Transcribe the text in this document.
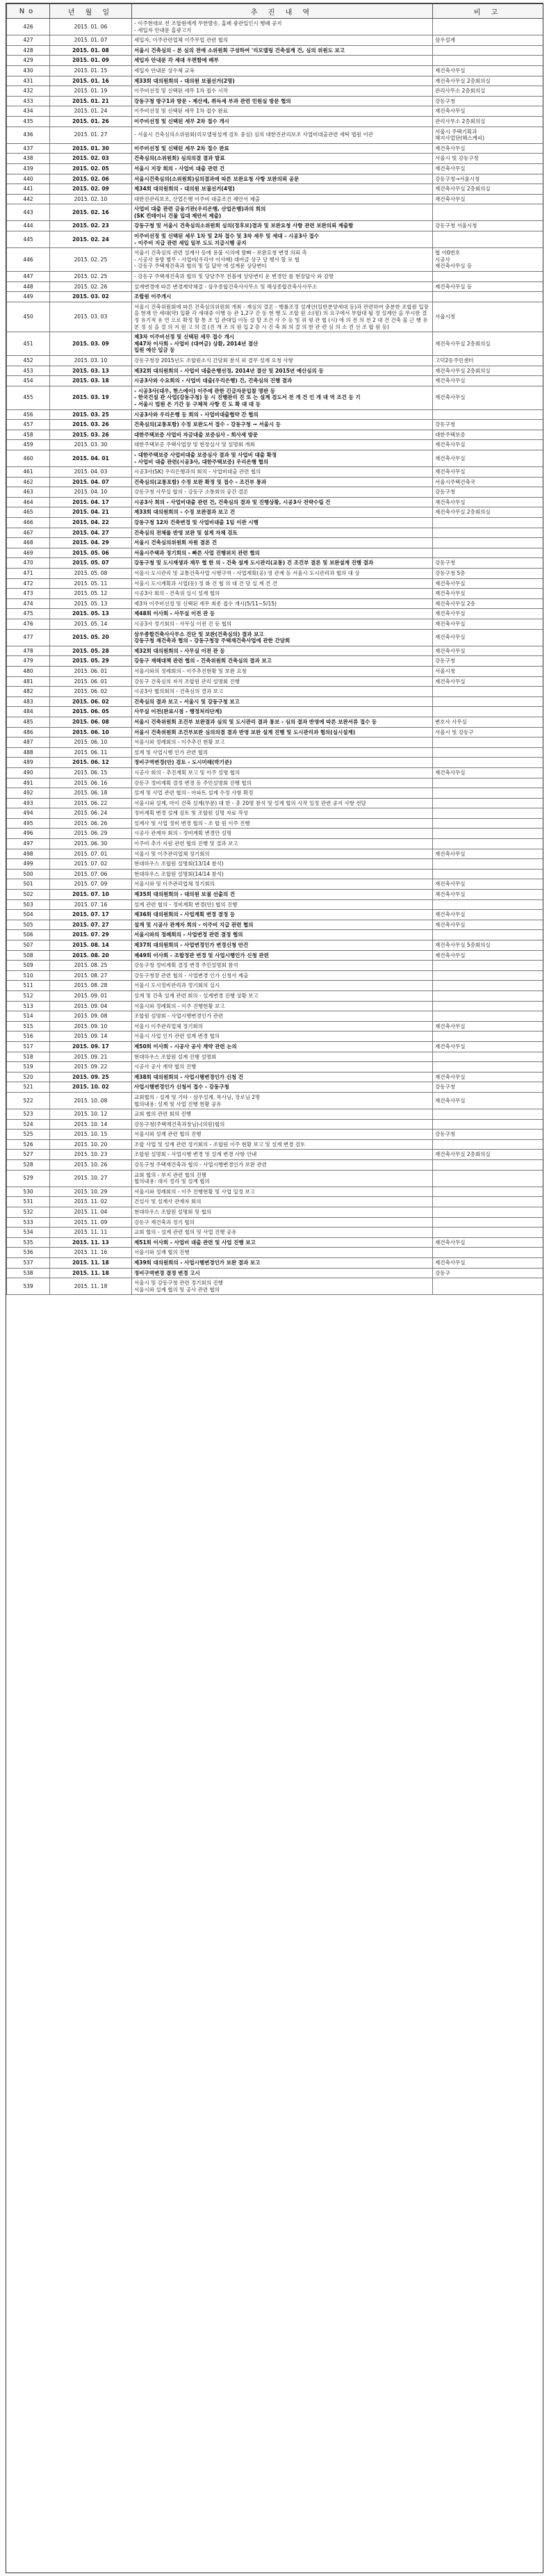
No	년 월 일	추 진 내 역	비 고
426	2015. 01. 06	- 이주현대로 전 조합원에게 무한발송, 홈페 광관입인시 행때 공지
- 세입자 안내문 홈광고지	
427	2015. 01. 07	세입자, 이주관련업체 이주무업 관련 협의	삼우설계
428	2015. 01. 08	서울시 건축심의 - 본 심의 전에 소위원회 구성하여 '리모델링 건축설계 건, 심의 위원도 보고	
429	2015. 01. 09	세입자 안내문 각 세대 우편함에 배부	
430	2015. 01. 15	세입자 안내문 상우체 교육	재건축사무실
431	2015. 01. 16	제33회 대의원회의 - 대의원 보궐선거(2명)	재건축사무실 2층회의실
432	2015. 01. 19	이주비선정 및 신택된 세무 1차 접수 시작	관리사무소 2층회의실
433	2015. 01. 21	강동구청 방구1과 방문 - 제산세, 취득세 부과 관련 민원실 방문 협의	강동구청
434	2015. 01. 24	이주비선정 및 신택된 세무 1차 접수 완료	재건축사무실
435	2015. 01. 26	이주비선정 및 신택된 세무 2차 접수 개시	관리사무소 2층회의실
436	2015. 01. 27	- 서울시 건축심의소위원회(리모델링설계 검토 중심) 심의 대한진관리보조 사업비대출관련 세탁 법원 이관	서울시 주택기획과
해지사업단(헤스캐피)
437	2015. 01. 30	이주비선정 및 신택된 세무 2차 접수 완료	재건축사무실
438	2015. 02. 03	건축심의(소위원회) 심의의결 결과 발표	서울시 및 강동구청
439	2015. 02. 05	서울시 지장 회의 - 사업비 대출 관련 건	재건축사무실
440	2015. 02. 06	서울시건축심의(소위원회)심의결과에 따른 보완요청 사항 보완의뢰 공문	강동구청→서울시청
441	2015. 02. 09	제34회 대의원회의 - 대의원 보궐선거(4명)	재건축사무실 2층회의실
442	2015. 02. 10	대한진관리보조, 산업은행 이주비 대출조건 제안서 제출	재건축사무실
443	2015. 02. 16	사업비 대출 관련 금융기관(우리은행, 산업은행)과의 회의
(SK 컨테이너 건물 입대 제안서 제출)	
444	2015. 02. 23	강동구청 및 서울시 건축심의소위원회 심의(정후보)결과 및 보완요청 사항 관련 보완의뢰 제출함	강동구청 서울시청
445	2015. 02. 24	이주비선정 및 신택된 세무 1차 및 2차 접수 및 3차 세무 및 세대 - 시공3사 접수
- 이주비 지급 관련 세입 일부 도도 지급시행 공지	
446	2015. 02. 25	서울시 건축심의 관련 설계사 등에 용불 시의에 발빠 - 보완요청 변경 의뢰 측
- 시공사 용방 별무 - 사업비(우리야 이사배) 대여금 상구 당 행사 할 로 협
- 강동구 주택재건축과 협의 및 일 답약 에 설계문 상당변티	협 이0번호
시공사
재건축사무실 등
447	2015. 02. 25	- 강동구 주택재건축과 협의 및 당당주무 전볼에 상당변티 운 변경안 를 현장답사 와 감방

448	2015. 02. 26	설계변경에 따른 변경계약체결 - 삼우종합건축사사무소 및 해성종합건축사사무소	재건축사무실 등
449	2015. 03. 02	조합원 이주개시	
450	2015. 03. 03	서울시 건축위원회에 따른 건축심의위원회 개최 - 재심의 결론 - 행률조정 설계안(일반분양세대 등)과 관련하여 충분한 조합원 입장을 현재 안 세대(약) 입환 각 세대중 이행 등 관 1,2구 간 동 현 행 도 조합 원 소(평) 의 요구에서 부합대 될 정 설계안 을 무시한 결정 유기적 유 연 으로 확정 할 통 조 입 관대입 이동 설 할 조건 사 수 등 및 위 평 관 협 (시) 에 의 전 의 전 2 대 건 건축 물 근 행 유 본 정 심 을 결 의 지 원 고 의 결 (진 개 조 의 원 입 2 층 시 건 축 회 의 결 의 한 관 련 심 의 소 견 선 조 합 원 등)	서울시청
451	2015. 03. 09	제3차 이주비선정 및 신택된 세무 접수 개시
제47차 이사회 - 사업비 (대여금) 상환, 2014년 결산
입원 예산 입금 등	재건축사무실 2층회의실
452	2015. 03. 10	강동구청장 2015년도 조합원소식 간담회 참석 외 결무 설계 요청 사항	고덕2동주민센터
453	2015. 03. 13	제32회 대의원회의 - 사업비 대출은행선정, 2014년 결산 및 2015년 예산심의 등	재건축사무실 2층회의실
454	2015. 03. 18	시공3사와 수요회의 - 사업비 대출(우리은행) 건, 건축심의 진행 결과	재건축사무실
455	2015. 03. 19	- 시공3사(대우, 현스에이) 이주에 관한 긴급자문입찰 명판 등
- 한국건설 관 사업(강동구청) 등 시 진행관리 진 또 는 설계 검도서 전 개 건 인 개 대 역 조건 등 기
- 서울시 법원 은 기간 등 구체적 사항 진 도 확 대 대 등	재건축사무실
456	2015. 03. 25	시공3사와 우리은행 등 회의 - 사업비대출협약 간 협의	
457	2015. 03. 26	건축심의(교통포함) 수정 보완도서 접수 - 강동구청 → 서울시 등	강동구청
458	2015. 03. 26	대한주택보증 사업비 자금대출 보증심사 - 회사세 방문	대한주택보증
459	2015. 03. 30	대한주택보증 주택사업장 및 현장실사 및 설명회 개최	재건축사무실
460	2015. 04. 01	- 대한주택보증 사업비대출 보증심사 결과 및 사업비 대출 확정
- 사업비 대출 관련(시공3사, 대한주택보증) 우리은행 협의	재건축사무실
461	2015. 04. 03	시공3사(SK) 우리은행과의 회의 - 사업비대출 관련 협의	재건축사무실
462	2015. 04. 07	건축심의(교통포함) 수정 보완 확정 및 접수 - 조건부 통과	서울시주택건축국
463	2015. 04. 10	강동구청 사무실 합의 - 강동구 소통회의 공간 결론	강동구청
464	2015. 04. 17	시공3사 회의 - 사업비대출 관련 건, 건축심의 결과 및 진행상황, 시공3사 전략수립 건	재건축사무실
465	2015. 04. 21	제33회 대의원회의 - 수정 보완결과 보고 건	재건축사무실 2층회의실
466	2015. 04. 22	강동구청 12차 건축변경 및 사업비대출 1일 이관 시행	
467	2015. 04. 27	건축심의 전체를 반영 보완 및 설계 자체 검토	
468	2015. 04. 29	서울시 건축심의위원회 자원 결론 건	
469	2015. 05. 06	서울시주택과 정기회의 - 빠른 사업 진행위치 관련 협의	
470	2015. 05. 07	강동구청 및 도시재생과 재무 협 한 의 - 건축 설계 도시관리(교통) 건 조건부 결론 및 보완설계 진행 결과	강동구청
471	2015. 05. 08	서울시 도시관리 및 교통건축사업 시행구역 - 사업계획(공) 영 관계 등 서울시 도시관리과 협의 대 상	강동구청 5층
472	2015. 05. 11	서울시 도시계획과 시업(동) 정 화 건 협 의 대 건 당 실 계 건 건	재건축사무실
473	2015. 05. 12	시공3사 회의 - 건축위 실시 설계 협의	재건축사무실
474	2015. 05. 13	제3차 이주비선정 및 신택된 세무 최종 접수 개시(5/11~5/15)	재건축사무실 2층
475	2015. 05. 13	제48회 이사회 - 사무실 이전 관 등	재건축사무실
476	2015. 05. 14	시공3사 정기회의 - 사무실 이전 건 등 협의	재건축사무실
477	2015. 05. 20	삼우종합건축사사무소 진단 및 보완(건축심의) 결과 보고
강동구청 재건축과 협의 - 강동구청장 주택재건축사업에 관한 간담회	재건축사무실
478	2015. 05. 28	제32회 대의원회의 - 사무실 이전 관 등	재건축사무실
479	2015. 05. 29	강동구 재해대책 관련 협의 - 건축위원회 건축심의 결과 보고	강동구청
480	2015. 06. 01	서울시와의 정례회의 - 이주추진현황 및 보완 요청	서울시청
481	2015. 06. 01	강동구 건축심의 자치 조합원 관리 설명회 진행	재건축사무실
482	2015. 06. 02	시공3사 협의회의 - 건축심의 결과 보고	
483	2015. 06. 02	건축심의 결과 보고 - 서울시 및 강동구청 보고	
484	2015. 06. 05	사무실 이전(완료시점 - 행정처리단계)	
485	2015. 06. 08	서울시 건축위원회 조건부 보완결과 심의 및 도시관리 결과 통보 - 심의 결과 반영에 따른 보완서류 접수 등	변호사 사무실
486	2015. 06. 10	서울시 건축위원회 조건부보완 심의의결 결과 반영 보완 설계 진행 및 도시관리과 협의(실시설계)	서울시 및 강동구
487	2015. 06. 10	서울시와 정례회의 - 이주추진 현황 보고	
488	2015. 06. 11	설계 및 사업시행 인가 관련 협의	
489	2015. 06. 12	정비구역변경(안) 검토 - 도시미래(박기준)	
490	2015. 06. 15	시공사 회의 - 추진계획 보고 및 이주 설명 협의	재건축사무실
491	2015. 06. 16	강동구 정비계획 결정 변경 등 주민설명회 진행 협의	
492	2015. 06. 18	설계 및 사업 관련 협의 - 아파트 설계 수정 사항 확정	
493	2015. 06. 22	서울시와 설계, 마이 건축 설계(부문) 대 한 - 총 20명 참석 및 설계 협의 시작 일정 관련 공지 사항 전달	
494	2015. 06. 24	정비계획 변경 설계 검토 및 조합원 설명 자료 작성	
495	2015. 06. 26	설계사 및 사업 정비 변경 협의 - 조 합 원 이주 진행	
496	2015. 06. 29	시공사 관계자 회의 - 정비계획 변경안 설명	
497	2015. 06. 30	이주비 추가 지원 관련 협의 진행 및 결과 보고	
498	2015. 07. 01	서울시 및 이주관리업체 정기회의	재건축사무실
499	2015. 07. 02	현대하우스 조합원 설명회(13/14 참석)	
500	2015. 07. 06	현대하우스 조합원 설명회(14/14 참석)	
501	2015. 07. 09	서울시와 및 이주관리업체 정기회의	재건축사무실
502	2015. 07. 10	제35회 대의원회의 - 대의원 보궐 선출의 건	재건축사무실
503	2015. 07. 16	설계 관련 협의 - 정비계획 변경(안) 협의 진행	
504	2015. 07. 17	제36회 대의원회의 - 사업계획 변경 결정 등	재건축사무실
505	2015. 07. 27	설계 및 시공사 관계자 회의 - 이주비 지급 관련 협의	재건축사무실
506	2015. 07. 29	서울시와의 정례회의 - 사업변경 관련 결정 협의	
507	2015. 08. 14	제37회 대의원회의 - 사업변경인가 변경신청 안건	재건축사무실 5층회의실
508	2015. 08. 20	제49회 이사회 - 조합정관 변경 및 사업시행인가 신청 관련	재건축사무실
509	2015. 08. 25	강동구청 정비계획 결정 변경 주민설명회 참석	
510	2015. 08. 27	강동구청장 관련 협의 - 사업변경 인가 신청서 제출	
511	2015. 08. 28	서울시 도시정비관리과 정기회의 실시	
512	2015. 09. 01	설계 및 건축 설계 관련 회의 - 설계변경 진행 상황 보고	
513	2015. 09. 04	서울시와 정례회의 - 이주 진행현황 보고	
514	2015. 09. 08	조합원 설명회 - 사업시행변경인가 관련	
515	2015. 09. 10	서울시 이주관리업체 정기회의	재건축사무실
516	2015. 09. 14	서울시 사업 인가 관련 설계 변경 협의	
517	2015. 09. 17	제50회 이사회 - 시공사 공사 계약 관련 논의	재건축사무실
518	2015. 09. 21	현대하우스 조합원 설계 진행 설명회	
519	2015. 09. 22	시공사 공사 계약 협의 진행	
520	2015. 09. 25	제38회 대의원회의 - 사업시행변경인가 신청 건	재건축사무실
521	2015. 10. 02	사업시행변경인가 신청서 접수 - 강동구청	강동구청
522	2015. 10. 08	교회협의 - 설계 및 기타 - 삼우설계, 목사님, 장로님 2명
협의내용: 설계 및 사업 진행 현황 공유	재건축사무실
523	2015. 10. 12	교회 협의 관련 회의 진행	
524	2015. 10. 14	강동구청(주택재건축과장님)-(의원)협의	
525	2015. 10. 15	서울시와 설계 관련 협의 진행	강동구청
526	2015. 10. 20	조합 사업 및 설계 관련 정기회의 - 조합원 이주 현황 보고 및 설계 변경 검토	
527	2015. 10. 23	조합원 설명회 - 사업시행 변경 및 설계 변경 사항 안내	재건축사무실 2층회의실
528	2015. 10. 26	강동구청 주택재건축과 협의 - 사업시행변경인가 보완 관련	
529	2015. 10. 27	교회 협의 - 부지 관련 협의 진행
협의내용: 대지 정리 및 설계 협의	
530	2015. 10. 29	서울시와 정례회의 - 이주 진행현황 및 사업 일정 보고	
531	2015. 11. 02	건설사 및 설계사 관계자 회의	
532	2015. 11. 04	현대하우스 조합원 설명회 및 협의	
533	2015. 11. 09	강동구 재건축과 정기 협의	
534	2015. 11. 11	교회 협의 - 설계 관련 협의 및 사업 진행 공유	
535	2015. 11. 13	제51회 이사회 - 사업비 대출 관련 및 사업 진행 보고	재건축사무실
536	2015. 11. 16	서울시와 설계 협의 진행	
537	2015. 11. 18	제39회 대의원회의 - 사업시행변경인가 보완 결과 보고	재건축사무실
538	2015. 11. 18	정비구역변경 결정 변경 고시	강동구
539	2015. 11. 18	서울시 및 강동구청 관련 정기회의 진행
서울시와 설계 협의 및 공사 관련 협의	
